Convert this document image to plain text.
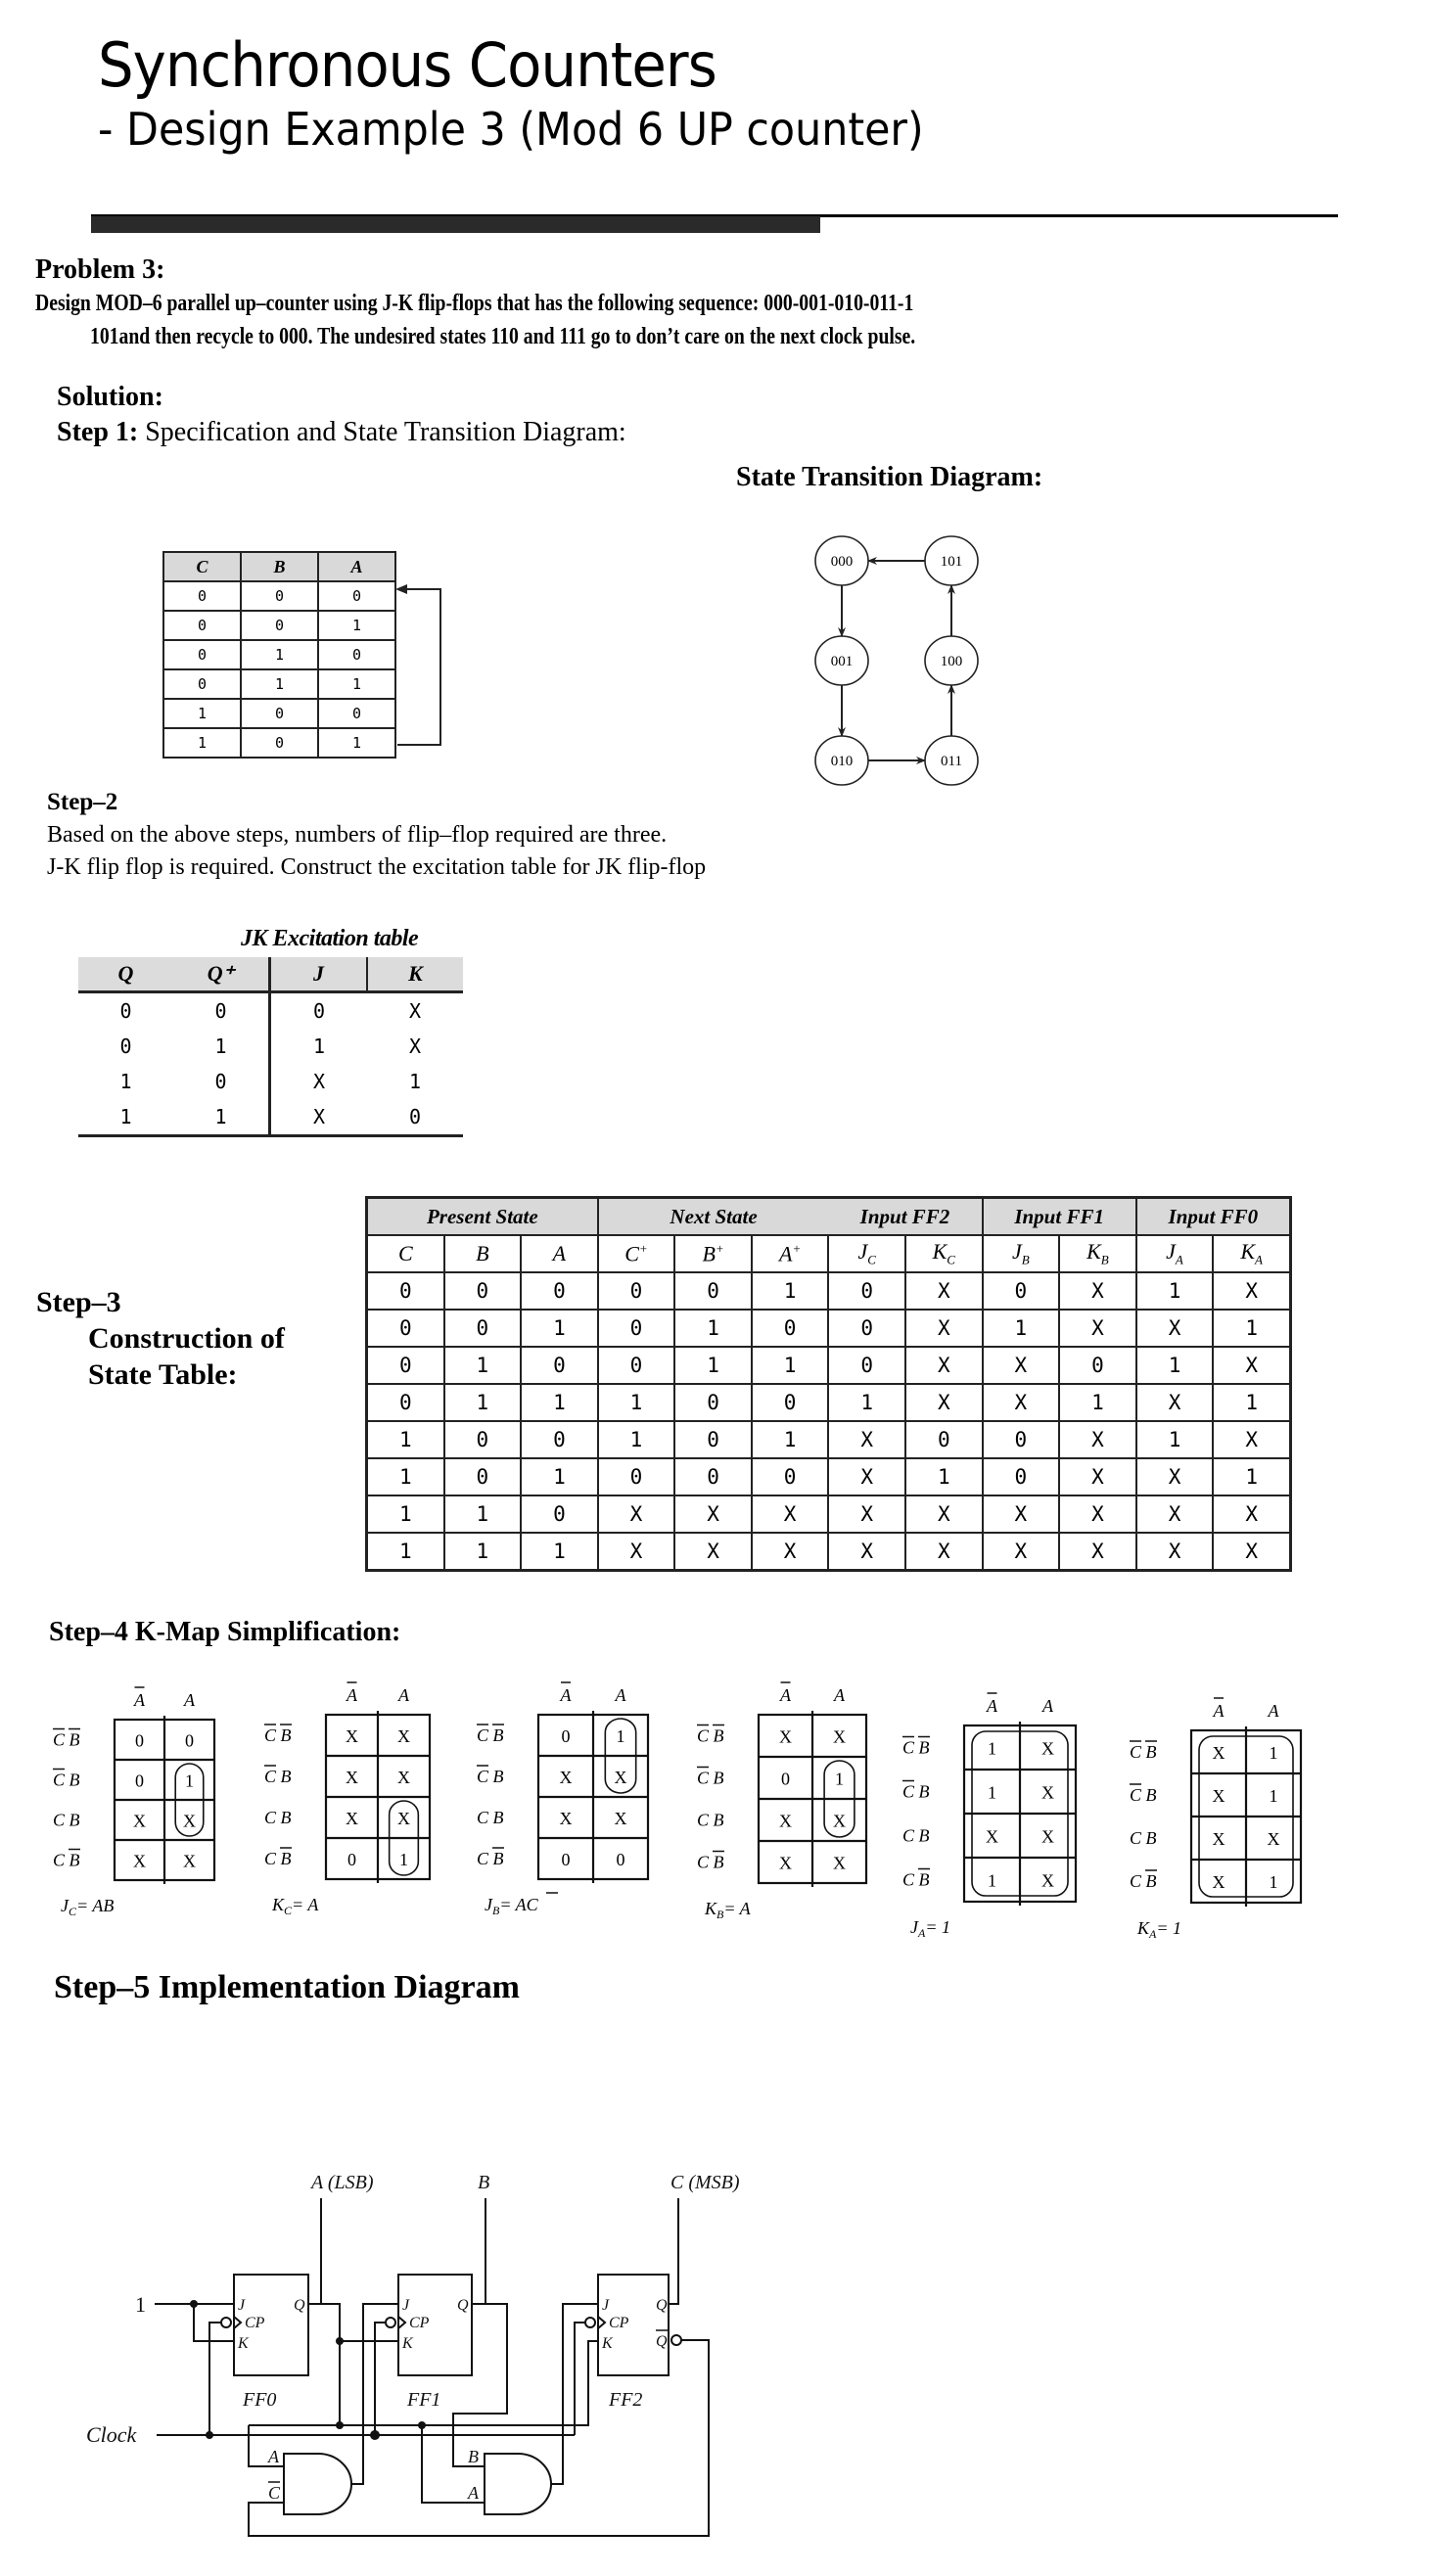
Synchronous Counters
- Design Example 3 (Mod 6 UP counter)
Problem 3:
Design MOD–6 parallel up–counter using J-K flip-flops that has the following sequence: 000-001-010-011-1
101and then recycle to 000. The undesired states 110 and 111 go to don’t care on the next clock pulse.
Solution:
Step 1: Specification and State Transition Diagram:
State Transition Diagram:
C	B	A
0	0	0
0	0	1
0	1	0
0	1	1
1	0	0
1	0	1
000
001
010	011
100
101
Step–2
Based on the above steps, numbers of flip–flop required are three.
J-K flip flop is required. Construct the excitation table for JK flip-flop
JK Excitation table
Q	Q⁺	J	K
0	0	0	X
0	1	1	X
1	0	X	1
1	1	X	0
Step–3
Construction of
State Table:
Present State			Next State			Input FF2		Input FF1		Input FF0	
C	B	A	C+	B+	A+	$J_C$	$K_C$	$J_B$	$K_B$	$J_A$	$K_A$
0	0	0	0	0	1	0	X	0	X	1	X
0	0	1	0	1	0	0	X	1	X	X	1
0	1	0	0	1	1	0	X	X	0	1	X
0	1	1	1	0	0	1	X	X	1	X	1
1	0	0	1	0	1	X	0	0	X	1	X
1	0	1	0	0	0	X	1	0	X	X	1
1	1	0	X	X	X	X	X	X	X	X	X
1	1	1	X	X	X	X	X	X	X	X	X
Step–4 K-Map Simplification:
A A
C B
C B
C B
C B
0 0
0 1
X X
X X
$J_C=$ AB
A A
C B
C B
C B
C B
X X
X X
X X
0 1
$K_C= A$
A	A
C B
C B
C B
C B
0	1
X X
X X
0	0
$J_B=$ AC
A A
C B
C B
C B
C B
X X
0	1
X X
X X
$K_B= A$
A	A
C B
C B
C B
C B
1	X
1	X
X X
1	X
$J_A= 1$
A	A
C B
C B
C B
C B
X	1
X	1
X X
X	1
$K_A= 1$
Step–5 Implementation Diagram
A (LSB)	B	C (MSB)
FF0	FF1	FF2
Clock
1	J
K
CP
Q	J
K
CP
Q	J
K
CP
Q
Q
A
C
B
A
